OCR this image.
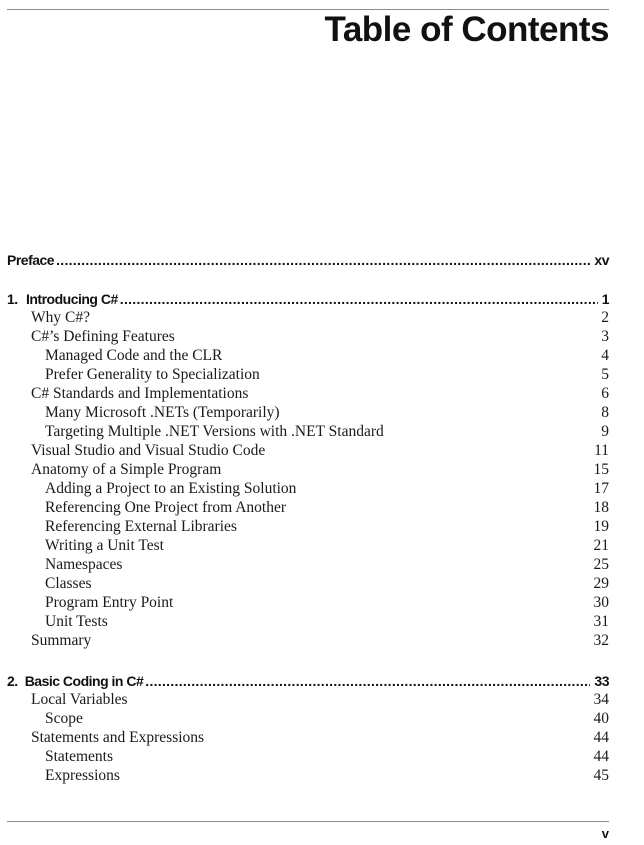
Table of Contents
Preface . . .	xv
1. Introducing C# . . .	1
Why C#?	2
C#’s Defining Features	3
Managed Code and the CLR	4
Prefer Generality to Specialization	5
C# Standards and Implementations	6
Many Microsoft .NETs (Temporarily)	8
Targeting Multiple .NET Versions with .NET Standard	9
Visual Studio and Visual Studio Code	11
Anatomy of a Simple Program	15
Adding a Project to an Existing Solution	17
Referencing One Project from Another	18
Referencing External Libraries	19
Writing a Unit Test	21
Namespaces	25
Classes	29
Program Entry Point	30
Unit Tests	31
Summary	32
2. Basic Coding in C# . . .	33
Local Variables	34
Scope	40
Statements and Expressions	44
Statements	44
Expressions	45
v
